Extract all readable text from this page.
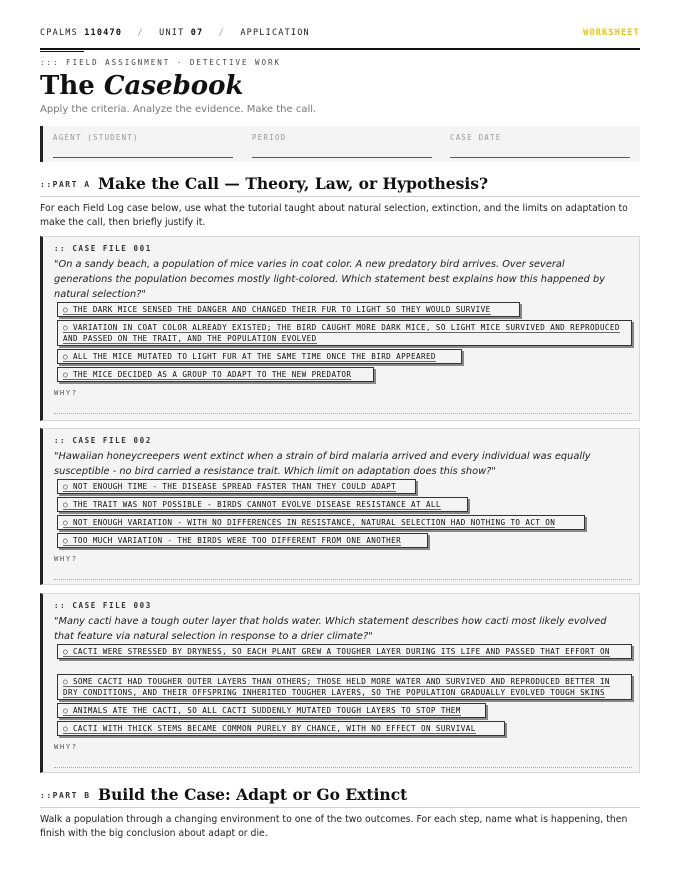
CPALMS 110470 / UNIT 07 / APPLICATION	WORKSHEET
::: FIELD ASSIGNMENT · DETECTIVE WORK
The Casebook
Apply the criteria. Analyze the evidence. Make the call.
AGENT (STUDENT)	PERIOD	CASE DATE
::PART A Make the Call — Theory, Law, or Hypothesis?

For each Field Log case below, use what the tutorial taught about natural selection, extinction, and the limits on adaptation to make the call, then briefly justify it.

:: CASE FILE 001

"On a sandy beach, a population of mice varies in coat color. A new predatory bird arrives. Over several generations the population becomes mostly light-colored. Which statement best explains how this happened by natural selection?"

○ THE DARK MICE SENSED THE DANGER AND CHANGED THEIR FUR TO LIGHT SO THEY WOULD SURVIVE
○ VARIATION IN COAT COLOR ALREADY EXISTED; THE BIRD CAUGHT MORE DARK MICE, SO LIGHT MICE SURVIVED AND REPRODUCED AND PASSED ON THE TRAIT, AND THE POPULATION EVOLVED
○ ALL THE MICE MUTATED TO LIGHT FUR AT THE SAME TIME ONCE THE BIRD APPEARED
○ THE MICE DECIDED AS A GROUP TO ADAPT TO THE NEW PREDATOR
WHY?
:: CASE FILE 002

"Hawaiian honeycreepers went extinct when a strain of bird malaria arrived and every individual was equally susceptible - no bird carried a resistance trait. Which limit on adaptation does this show?"

○ NOT ENOUGH TIME - THE DISEASE SPREAD FASTER THAN THEY COULD ADAPT
○ THE TRAIT WAS NOT POSSIBLE - BIRDS CANNOT EVOLVE DISEASE RESISTANCE AT ALL
○ NOT ENOUGH VARIATION - WITH NO DIFFERENCES IN RESISTANCE, NATURAL SELECTION HAD NOTHING TO ACT ON
○ TOO MUCH VARIATION - THE BIRDS WERE TOO DIFFERENT FROM ONE ANOTHER
WHY?
:: CASE FILE 003

"Many cacti have a tough outer layer that holds water. Which statement describes how cacti most likely evolved that feature via natural selection in response to a drier climate?"

○ CACTI WERE STRESSED BY DRYNESS, SO EACH PLANT GREW A TOUGHER LAYER DURING ITS LIFE AND PASSED THAT EFFORT ON
○ SOME CACTI HAD TOUGHER OUTER LAYERS THAN OTHERS; THOSE HELD MORE WATER AND SURVIVED AND REPRODUCED BETTER IN DRY CONDITIONS, AND THEIR OFFSPRING INHERITED TOUGHER LAYERS, SO THE POPULATION GRADUALLY EVOLVED TOUGH SKINS
○ ANIMALS ATE THE CACTI, SO ALL CACTI SUDDENLY MUTATED TOUGH LAYERS TO STOP THEM
○ CACTI WITH THICK STEMS BECAME COMMON PURELY BY CHANCE, WITH NO EFFECT ON SURVIVAL
WHY?
::PART B Build the Case: Adapt or Go Extinct

Walk a population through a changing environment to one of the two outcomes. For each step, name what is happening, then finish with the big conclusion about adapt or die.
